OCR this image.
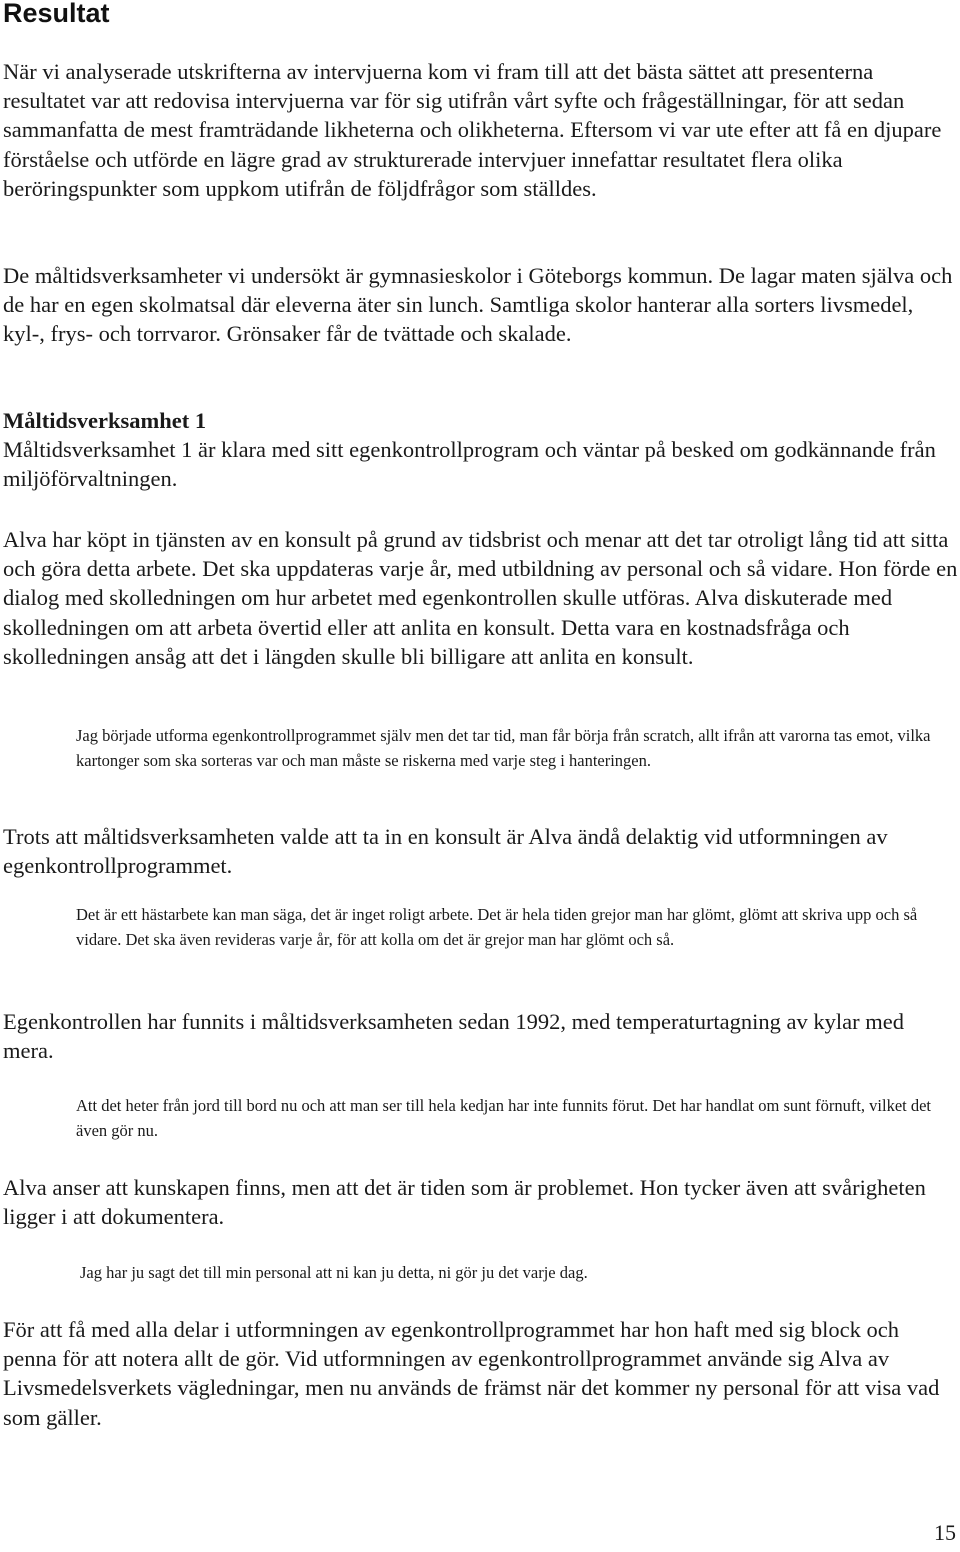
Resultat

När vi analyserade utskrifterna av intervjuerna kom vi fram till att det bästa sättet att presenterna resultatet var att redovisa intervjuerna var för sig utifrån vårt syfte och frågeställningar, för att sedan sammanfatta de mest framträdande likheterna och olikheterna. Eftersom vi var ute efter att få en djupare förståelse och utförde en lägre grad av strukturerade intervjuer innefattar resultatet flera olika beröringspunkter som uppkom utifrån de följdfrågor som ställdes.

De måltidsverksamheter vi undersökt är gymnasieskolor i Göteborgs kommun. De lagar maten själva och de har en egen skolmatsal där eleverna äter sin lunch. Samtliga skolor hanterar alla sorters livsmedel, kyl-, frys- och torrvaror. Grönsaker får de tvättade och skalade.

Måltidsverksamhet 1
Måltidsverksamhet 1 är klara med sitt egenkontrollprogram och väntar på besked om godkännande från miljöförvaltningen.

Alva har köpt in tjänsten av en konsult på grund av tidsbrist och menar att det tar otroligt lång tid att sitta och göra detta arbete. Det ska uppdateras varje år, med utbildning av personal och så vidare. Hon förde en dialog med skolledningen om hur arbetet med egenkontrollen skulle utföras. Alva diskuterade med skolledningen om att arbeta övertid eller att anlita en konsult. Detta vara en kostnadsfråga och skolledningen ansåg att det i längden skulle bli billigare att anlita en konsult.

Jag började utforma egenkontrollprogrammet själv men det tar tid, man får börja från scratch, allt ifrån att varorna tas emot, vilka kartonger som ska sorteras var och man måste se riskerna med varje steg i hanteringen.

Trots att måltidsverksamheten valde att ta in en konsult är Alva ändå delaktig vid utformningen av egenkontrollprogrammet.

Det är ett hästarbete kan man säga, det är inget roligt arbete. Det är hela tiden grejor man har glömt, glömt att skriva upp och så vidare. Det ska även revideras varje år, för att kolla om det är grejor man har glömt och så.

Egenkontrollen har funnits i måltidsverksamheten sedan 1992, med temperaturtagning av kylar med mera.

Att det heter från jord till bord nu och att man ser till hela kedjan har inte funnits förut. Det har handlat om sunt förnuft, vilket det även gör nu.

Alva anser att kunskapen finns, men att det är tiden som är problemet. Hon tycker även att svårigheten ligger i att dokumentera.

Jag har ju sagt det till min personal att ni kan ju detta, ni gör ju det varje dag.

För att få med alla delar i utformningen av egenkontrollprogrammet har hon haft med sig block och penna för att notera allt de gör. Vid utformningen av egenkontrollprogrammet använde sig Alva av Livsmedelsverkets vägledningar, men nu används de främst när det kommer ny personal för att visa vad som gäller.

15
